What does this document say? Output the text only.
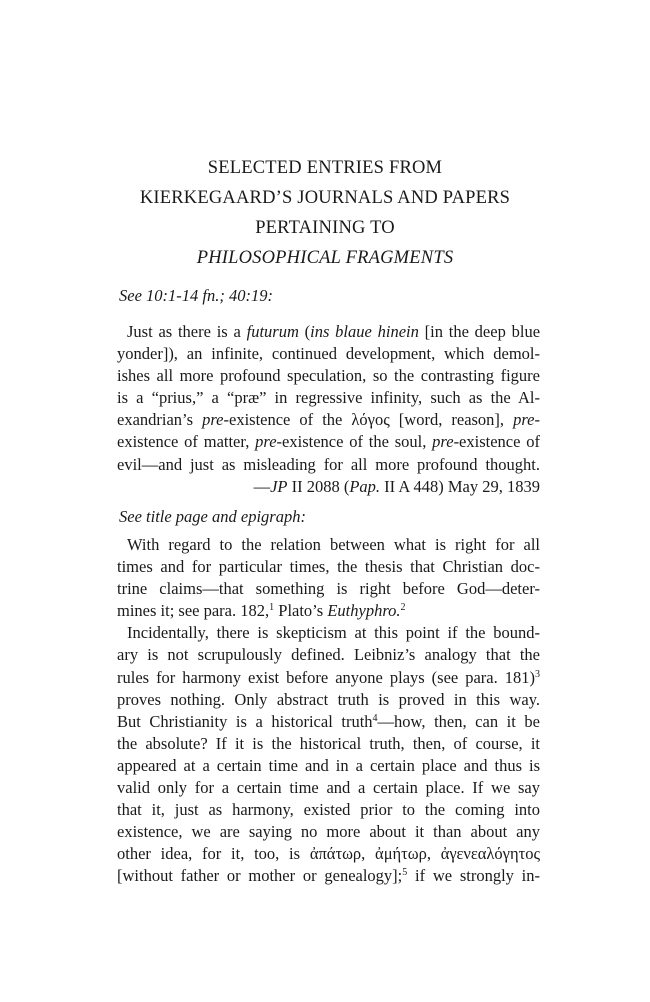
SELECTED ENTRIES FROM
KIERKEGAARD’S JOURNALS AND PAPERS
PERTAINING TO
PHILOSOPHICAL FRAGMENTS
See 10:1-14 fn.; 40:19:
Just as there is a futurum (ins blaue hinein [in the deep blue
yonder]), an infinite, continued development, which demol-
ishes all more profound speculation, so the contrasting figure
is a “prius,” a “præ” in regressive infinity, such as the Al-
exandrian’s pre-existence of the λόγος [word, reason], pre-
existence of matter, pre-existence of the soul, pre-existence of
evil—and just as misleading for all more profound thought.
—JP II 2088 (Pap. II A 448) May 29, 1839
See title page and epigraph:
With regard to the relation between what is right for all
times and for particular times, the thesis that Christian doc-
trine claims—that something is right before God—deter-
mines it; see para. 182,$^1$ Plato’s Euthyphro.$^2$
Incidentally, there is skepticism at this point if the bound-
ary is not scrupulously defined. Leibniz’s analogy that the
rules for harmony exist before anyone plays (see para. 181)$^3$
proves nothing. Only abstract truth is proved in this way.
But Christianity is a historical truth$^4$—how, then, can it be
the absolute? If it is the historical truth, then, of course, it
appeared at a certain time and in a certain place and thus is
valid only for a certain time and a certain place. If we say
that it, just as harmony, existed prior to the coming into
existence, we are saying no more about it than about any
other idea, for it, too, is ἀπάτωρ, ἀμήτωρ, ἀγενεαλόγητος
[without father or mother or genealogy];$^5$ if we strongly in-
